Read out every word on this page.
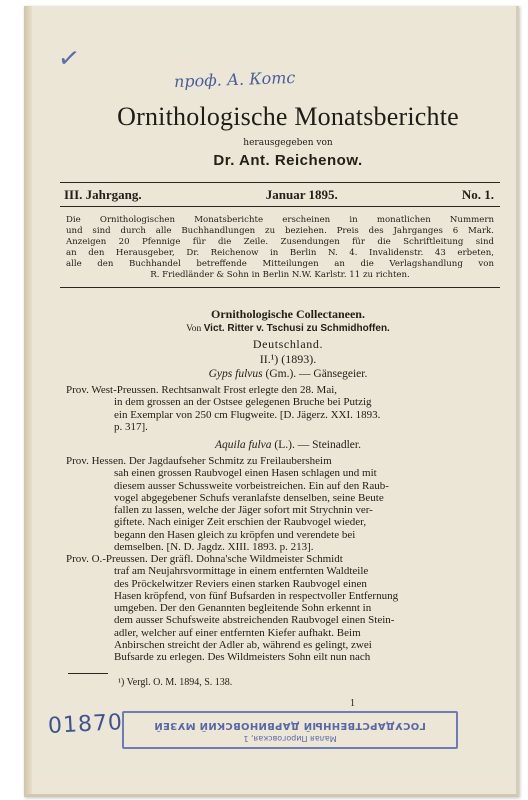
✓
проф. А. Котс
Ornithologische Monatsberichte
herausgegeben von
Dr. Ant. Reichenow.
III. Jahrgang.	Januar 1895.	No. 1.
Die Ornithologischen Monatsberichte erscheinen in monatlichen Nummern
und sind durch alle Buchhandlungen zu beziehen. Preis des Jahrganges 6 Mark.
Anzeigen 20 Pfennige für die Zeile. Zusendungen für die Schriftleitung sind
an den Herausgeber, Dr. Reichenow in Berlin N. 4. Invalidenstr. 43 erbeten,
alle den Buchhandel betreffende Mitteilungen an die Verlagshandlung von
R. Friedländer & Sohn in Berlin N.W. Karlstr. 11 zu richten.
Ornithologische Collectaneen.
Von Vict. Ritter v. Tschusi zu Schmidhoffen.
Deutschland.
II.¹) (1893).
Gyps fulvus (Gm.). — Gänsegeier.
Prov. West-Preussen. Rechtsanwalt Frost erlegte den 28. Mai,
in dem grossen an der Ostsee gelegenen Bruche bei Putzig
ein Exemplar von 250 cm Flugweite. [D. Jägerz. XXI. 1893.
p. 317].
Aquila fulva (L.). — Steinadler.
Prov. Hessen. Der Jagdaufseher Schmitz zu Freilaubersheim
sah einen grossen Raubvogel einen Hasen schlagen und mit
diesem ausser Schussweite vorbeistreichen. Ein auf den Raub-
vogel abgegebener Schufs veranlafste denselben, seine Beute
fallen zu lassen, welche der Jäger sofort mit Strychnin ver-
giftete. Nach einiger Zeit erschien der Raubvogel wieder,
begann den Hasen gleich zu kröpfen und verendete bei
demselben. [N. D. Jagdz. XIII. 1893. p. 213].
Prov. O.-Preussen. Der gräfl. Dohna'sche Wildmeister Schmidt
traf am Neujahrsvormittage in einem entfernten Waldteile
des Pröckelwitzer Reviers einen starken Raubvogel einen
Hasen kröpfend, von fünf Bufsarden in respectvoller Entfernung
umgeben. Der den Genannten begleitende Sohn erkennt in
dem ausser Schufsweite abstreichenden Raubvogel einen Stein-
adler, welcher auf einer entfernten Kiefer aufhakt. Beim
Anbirschen streicht der Adler ab, während es gelingt, zwei
Bufsarde zu erlegen. Des Wildmeisters Sohn eilt nun nach
¹) Vergl. O. M. 1894, S. 138.
1
01870	Малая Пироговская, 1
ГОСУДАРСТВЕННЫЙ ДАРВИНОВСКИЙ МУЗЕЙ
